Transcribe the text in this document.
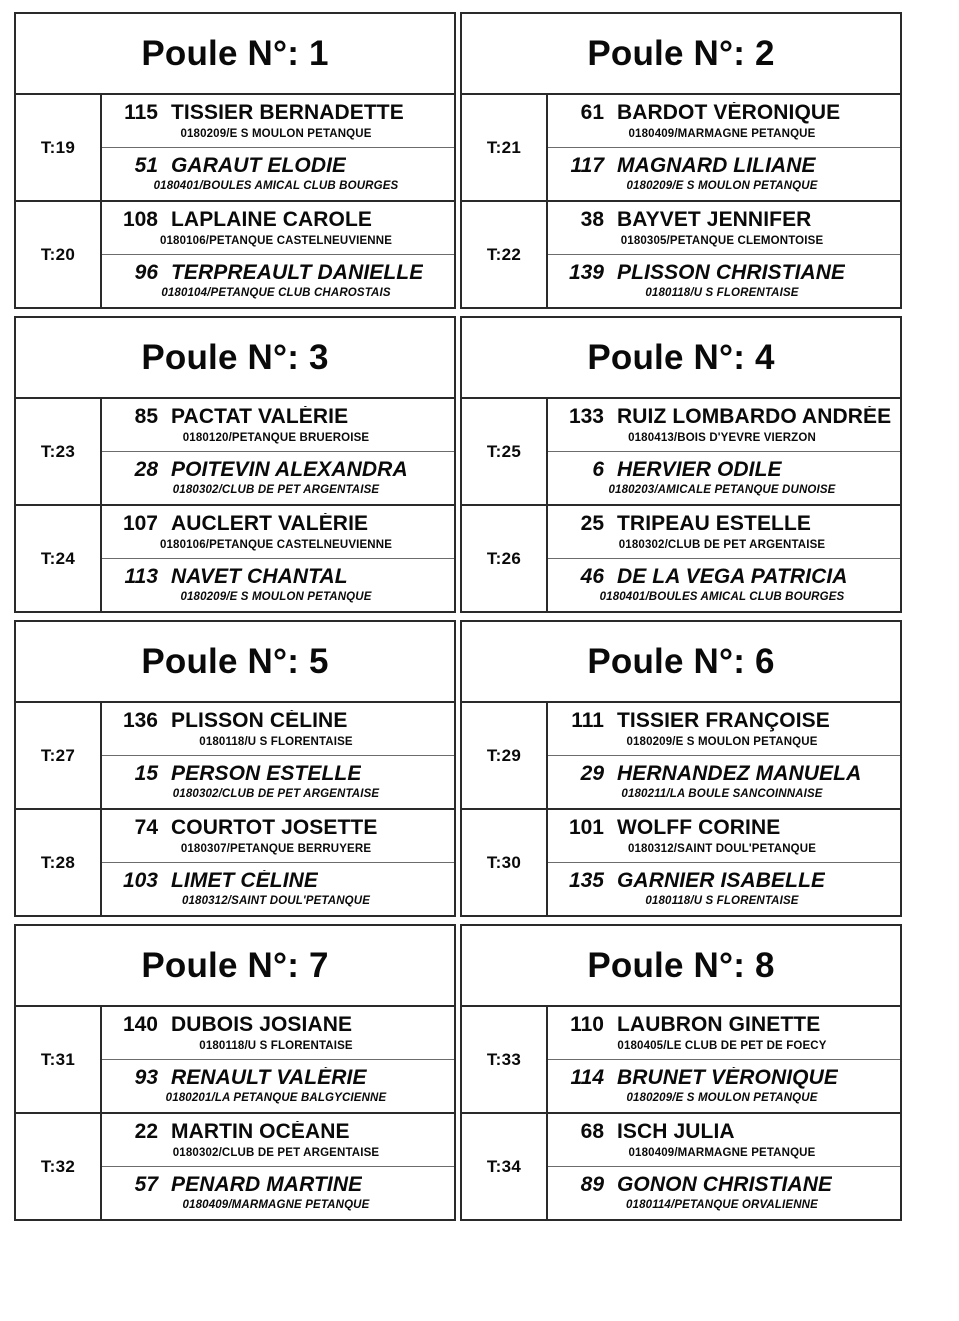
Poule N°: 1
T:19
115 TISSIER BERNADETTE
0180209/E S MOULON PETANQUE
51 GARAUT ELODIE
0180401/BOULES AMICAL CLUB BOURGES
T:20
108 LAPLAINE CAROLE
0180106/PETANQUE CASTELNEUVIENNE
96 TERPREAULT DANIELLE
0180104/PETANQUE CLUB CHAROSTAIS
Poule N°: 2
T:21
61 BARDOT VÉRONIQUE
0180409/MARMAGNE PETANQUE
117 MAGNARD LILIANE
0180209/E S MOULON PETANQUE
T:22
38 BAYVET JENNIFER
0180305/PETANQUE CLEMONTOISE
139 PLISSON CHRISTIANE
0180118/U S FLORENTAISE
Poule N°: 3
T:23
85 PACTAT VALÉRIE
0180120/PETANQUE BRUEROISE
28 POITEVIN ALEXANDRA
0180302/CLUB DE PET ARGENTAISE
T:24
107 AUCLERT VALÉRIE
0180106/PETANQUE CASTELNEUVIENNE
113 NAVET CHANTAL
0180209/E S MOULON PETANQUE
Poule N°: 4
T:25
133 RUIZ LOMBARDO ANDRÉE
0180413/BOIS D'YEVRE VIERZON
6 HERVIER ODILE
0180203/AMICALE PETANQUE DUNOISE
T:26
25 TRIPEAU ESTELLE
0180302/CLUB DE PET ARGENTAISE
46 DE LA VEGA PATRICIA
0180401/BOULES AMICAL CLUB BOURGES
Poule N°: 5
T:27
136 PLISSON CÉLINE
0180118/U S FLORENTAISE
15 PERSON ESTELLE
0180302/CLUB DE PET ARGENTAISE
T:28
74 COURTOT JOSETTE
0180307/PETANQUE BERRUYERE
103 LIMET CÉLINE
0180312/SAINT DOUL'PETANQUE
Poule N°: 6
T:29
111 TISSIER FRANÇOISE
0180209/E S MOULON PETANQUE
29 HERNANDEZ MANUELA
0180211/LA BOULE SANCOINNAISE
T:30
101 WOLFF CORINE
0180312/SAINT DOUL'PETANQUE
135 GARNIER ISABELLE
0180118/U S FLORENTAISE
Poule N°: 7
T:31
140 DUBOIS JOSIANE
0180118/U S FLORENTAISE
93 RENAULT VALÉRIE
0180201/LA PETANQUE BALGYCIENNE
T:32
22 MARTIN OCÉANE
0180302/CLUB DE PET ARGENTAISE
57 PENARD MARTINE
0180409/MARMAGNE PETANQUE
Poule N°: 8
T:33
110 LAUBRON GINETTE
0180405/LE CLUB DE PET DE FOECY
114 BRUNET VÉRONIQUE
0180209/E S MOULON PETANQUE
T:34
68 ISCH JULIA
0180409/MARMAGNE PETANQUE
89 GONON CHRISTIANE
0180114/PETANQUE ORVALIENNE
